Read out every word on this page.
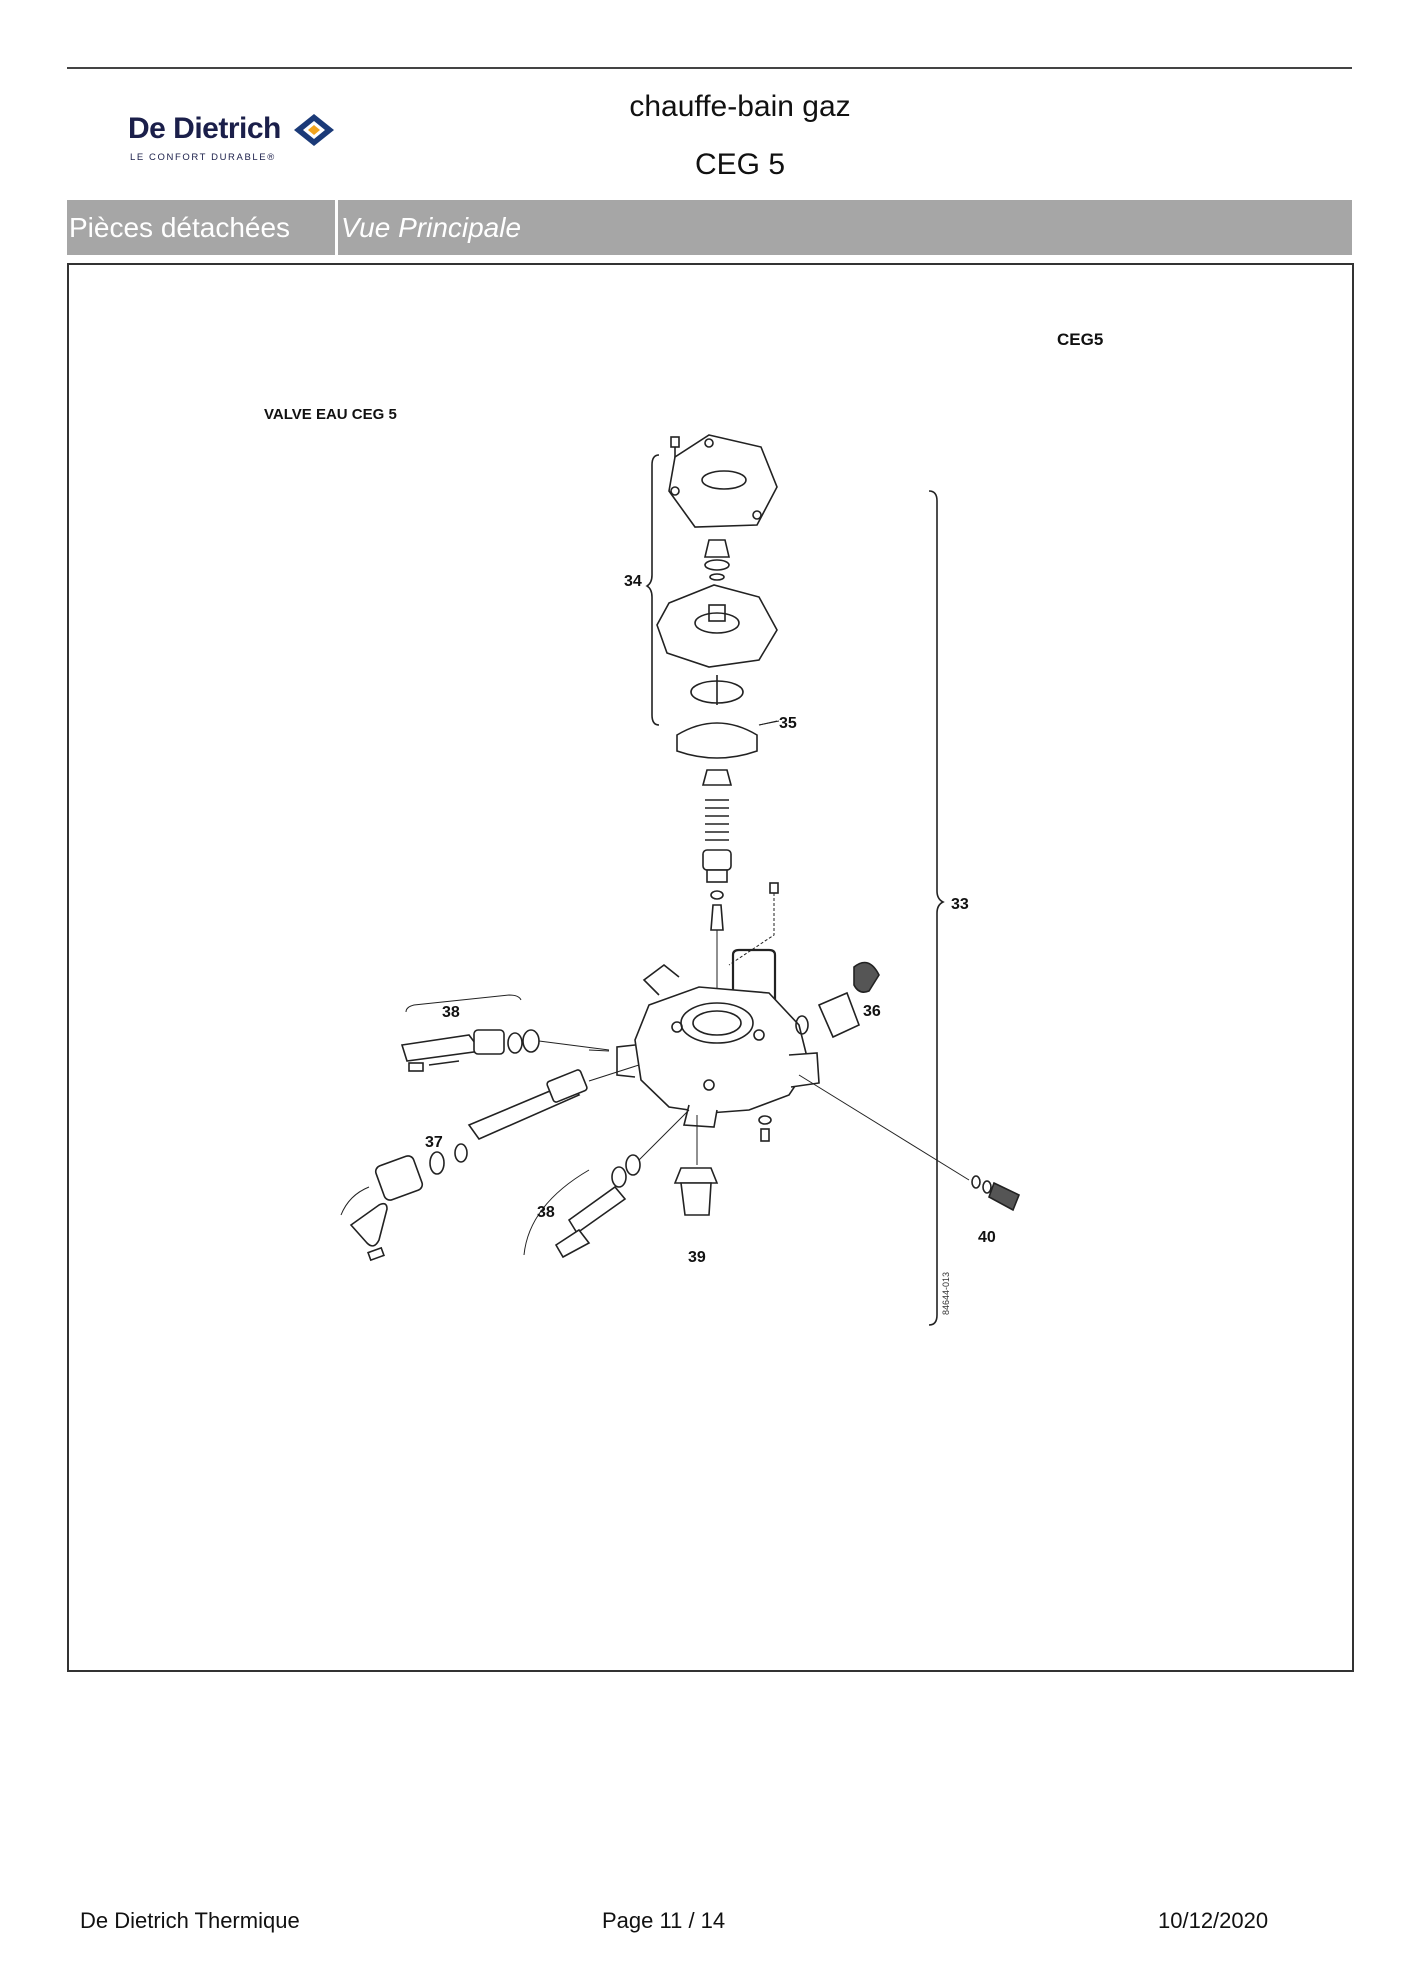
De Dietrich
LE CONFORT DURABLE®
chauffe-bain gaz
CEG 5
Pièces détachées	Vue Principale
CEG5
VALVE EAU CEG 5
34
35
33
36
38
37
38
39
40
84644-013
De Dietrich Thermique	Page 11 / 14	10/12/2020
